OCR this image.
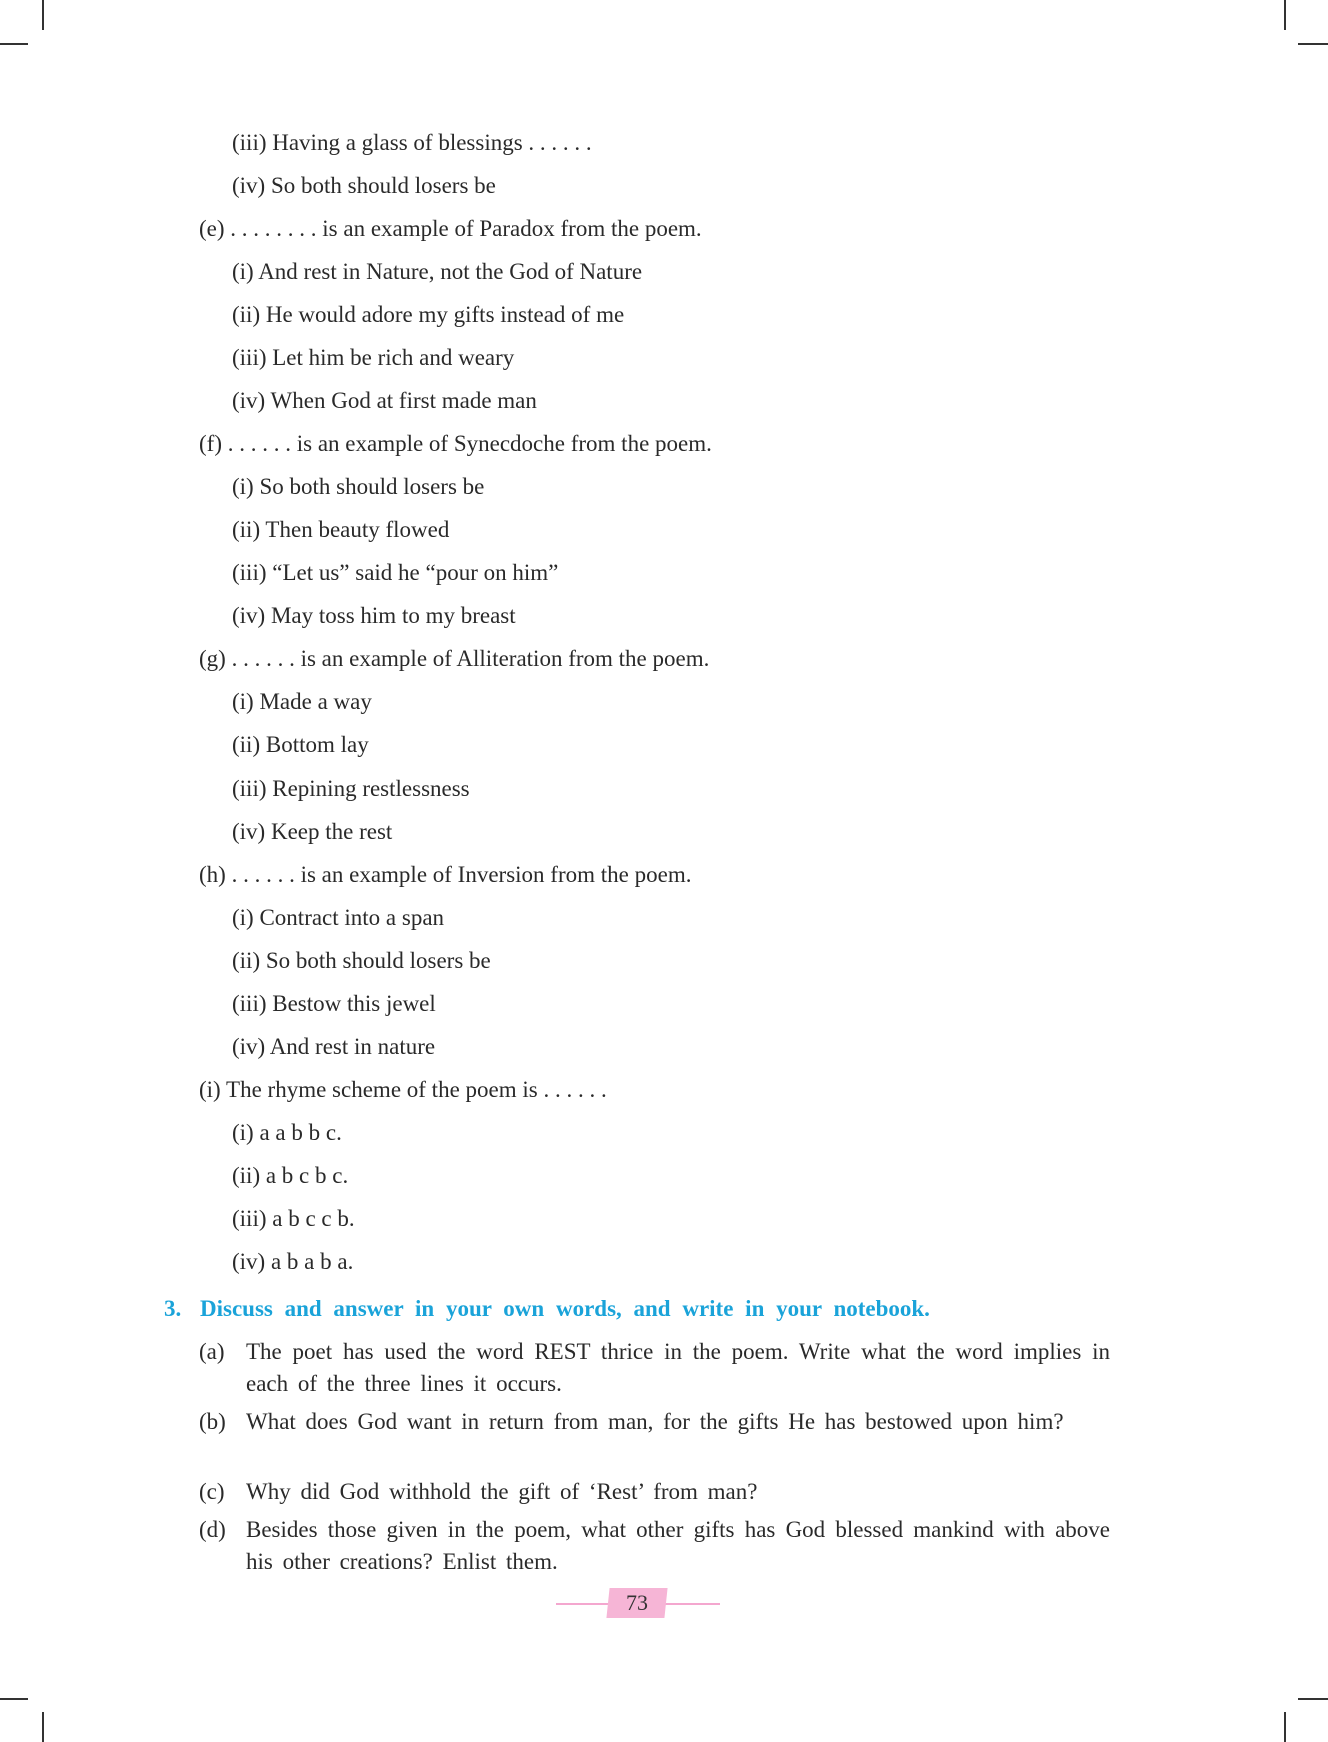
(iii) Having a glass of blessings . . . . . .
(iv) So both should losers be
(e) . . . . . . . . is an example of Paradox from the poem.
(i) And rest in Nature, not the God of Nature
(ii) He would adore my gifts instead of me
(iii) Let him be rich and weary
(iv) When God at first made man
(f) . . . . . . is an example of Synecdoche from the poem.
(i) So both should losers be
(ii) Then beauty flowed
(iii) “Let us” said he “pour on him”
(iv) May toss him to my breast
(g) . . . . . . is an example of Alliteration from the poem.
(i) Made a way
(ii) Bottom lay
(iii) Repining restlessness
(iv) Keep the rest
(h) . . . . . . is an example of Inversion from the poem.
(i) Contract into a span
(ii) So both should losers be
(iii) Bestow this jewel
(iv) And rest in nature
(i) The rhyme scheme of the poem is . . . . . .
(i) a a b b c.
(ii) a b c b c.
(iii) a b c c b.
(iv) a b a b a.
3. Discuss and answer in your own words, and write in your notebook.
(a) The poet has used the word REST thrice in the poem. Write what the word implies in each of the three lines it occurs.
(b) What does God want in return from man, for the gifts He has bestowed upon him?
(c) Why did God withhold the gift of ‘Rest’ from man?
(d) Besides those given in the poem, what other gifts has God blessed mankind with above his other creations? Enlist them.
73
